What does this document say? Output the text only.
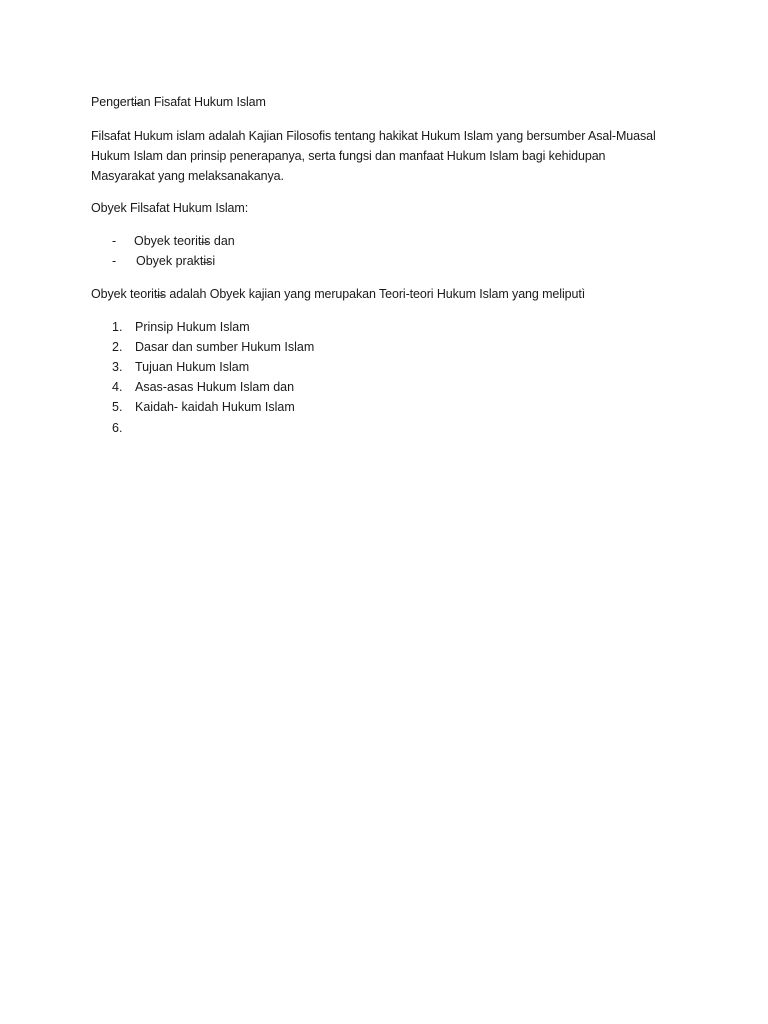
Pengerti̶an Fisafat Hukum Islam
Filsafat Hukum islam adalah Kajian Filosofis tentang hakikat Hukum Islam yang bersumber Asal-Muasal
Hukum Islam dan prinsip penerapanya, serta fungsi dan manfaat Hukum Islam bagi kehidupan
Masyarakat yang melaksanakanya.
Obyek Filsafat Hukum Islam:
- Obyek teoriti̶s dan
- Obyek prakti̶si
Obyek teoriti̶s adalah Obyek kajian yang merupakan Teori-teori Hukum Islam yang meliputì
1. Prinsip Hukum Islam
2. Dasar dan sumber Hukum Islam
3. Tujuan Hukum Islam
4. Asas-asas Hukum Islam dan
5. Kaidah- kaidah Hukum Islam
6.
